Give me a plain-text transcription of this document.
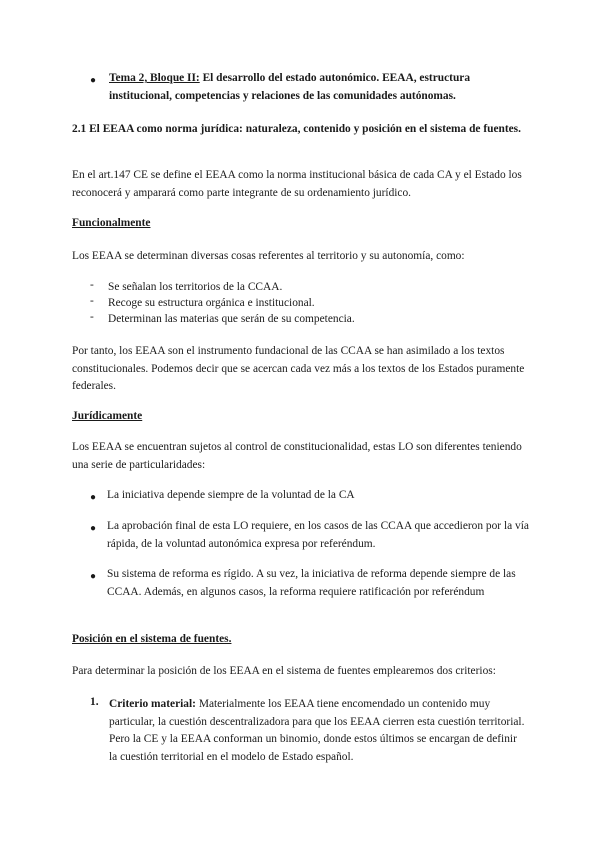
● Tema 2, Bloque II: El desarrollo del estado autonómico. EEAA, estructura institucional, competencias y relaciones de las comunidades autónomas.
2.1 El EEAA como norma jurídica: naturaleza, contenido y posición en el sistema de fuentes.
En el art.147 CE se define el EEAA como la norma institucional básica de cada CA y el Estado los reconocerá y amparará como parte integrante de su ordenamiento jurídico.
Funcionalmente
Los EEAA se determinan diversas cosas referentes al territorio y su autonomía, como:
- Se señalan los territorios de la CCAA.
- Recoge su estructura orgánica e institucional.
- Determinan las materias que serán de su competencia.
Por tanto, los EEAA son el instrumento fundacional de las CCAA se han asimilado a los textos constitucionales. Podemos decir que se acercan cada vez más a los textos de los Estados puramente federales.
Jurídicamente
Los EEAA se encuentran sujetos al control de constitucionalidad, estas LO son diferentes teniendo una serie de particularidades:
● La iniciativa depende siempre de la voluntad de la CA
● La aprobación final de esta LO requiere, en los casos de las CCAA que accedieron por la vía rápida, de la voluntad autonómica expresa por referéndum.
● Su sistema de reforma es rígido. A su vez, la iniciativa de reforma depende siempre de las CCAA. Además, en algunos casos, la reforma requiere ratificación por referéndum
Posición en el sistema de fuentes.
Para determinar la posición de los EEAA en el sistema de fuentes emplearemos dos criterios:
1. Criterio material: Materialmente los EEAA tiene encomendado un contenido muy particular, la cuestión descentralizadora para que los EEAA cierren esta cuestión territorial. Pero la CE y la EEAA conforman un binomio, donde estos últimos se encargan de definir la cuestión territorial en el modelo de Estado español.
